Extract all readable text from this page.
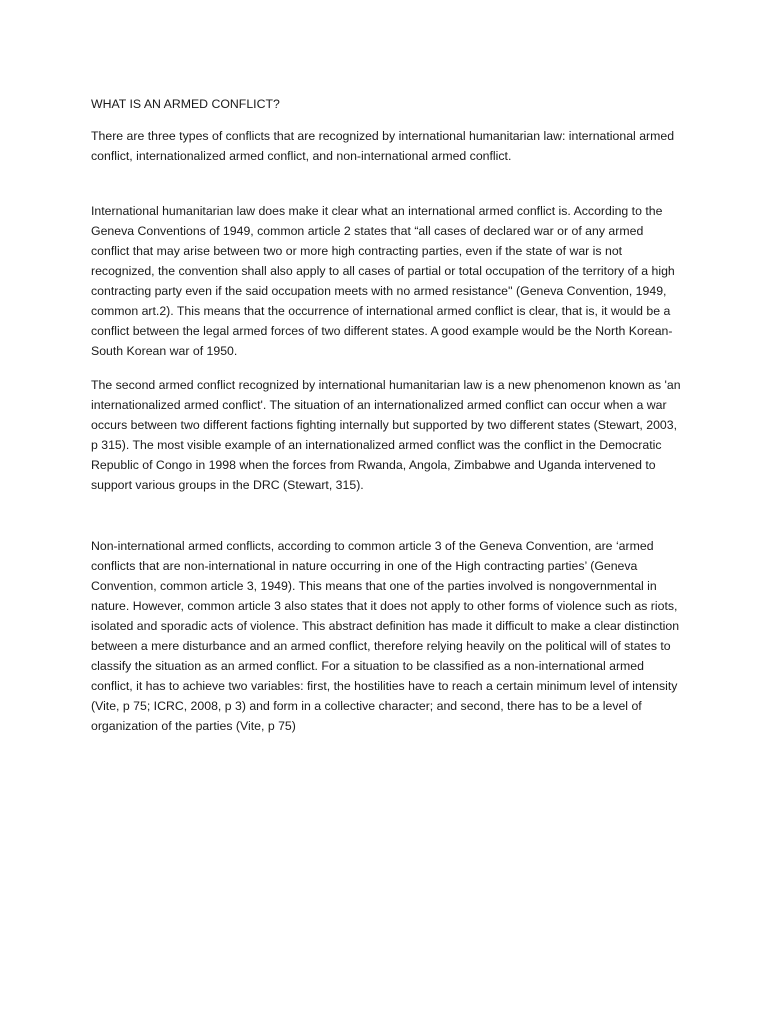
WHAT IS AN ARMED CONFLICT?

There are three types of conflicts that are recognized by international humanitarian law: international armed conflict, internationalized armed conflict, and non-international armed conflict.

International humanitarian law does make it clear what an international armed conflict is. According to the Geneva Conventions of 1949, common article 2 states that “all cases of declared war or of any armed conflict that may arise between two or more high contracting parties, even if the state of war is not recognized, the convention shall also apply to all cases of partial or total occupation of the territory of a high contracting party even if the said occupation meets with no armed resistance'' (Geneva Convention, 1949, common art.2). This means that the occurrence of international armed conflict is clear, that is, it would be a conflict between the legal armed forces of two different states. A good example would be the North Korean- South Korean war of 1950.

The second armed conflict recognized by international humanitarian law is a new phenomenon known as 'an internationalized armed conflict'. The situation of an internationalized armed conflict can occur when a war occurs between two different factions fighting internally but supported by two different states (Stewart, 2003, p 315). The most visible example of an internationalized armed conflict was the conflict in the Democratic Republic of Congo in 1998 when the forces from Rwanda, Angola, Zimbabwe and Uganda intervened to support various groups in the DRC (Stewart, 315).

Non-international armed conflicts, according to common article 3 of the Geneva Convention, are ‘armed conflicts that are non-international in nature occurring in one of the High contracting parties’ (Geneva Convention, common article 3, 1949). This means that one of the parties involved is nongovernmental in nature. However, common article 3 also states that it does not apply to other forms of violence such as riots, isolated and sporadic acts of violence. This abstract definition has made it difficult to make a clear distinction between a mere disturbance and an armed conflict, therefore relying heavily on the political will of states to classify the situation as an armed conflict. For a situation to be classified as a non-international armed conflict, it has to achieve two variables: first, the hostilities have to reach a certain minimum level of intensity (Vite, p 75; ICRC, 2008, p 3) and form in a collective character; and second, there has to be a level of organization of the parties (Vite, p 75)
